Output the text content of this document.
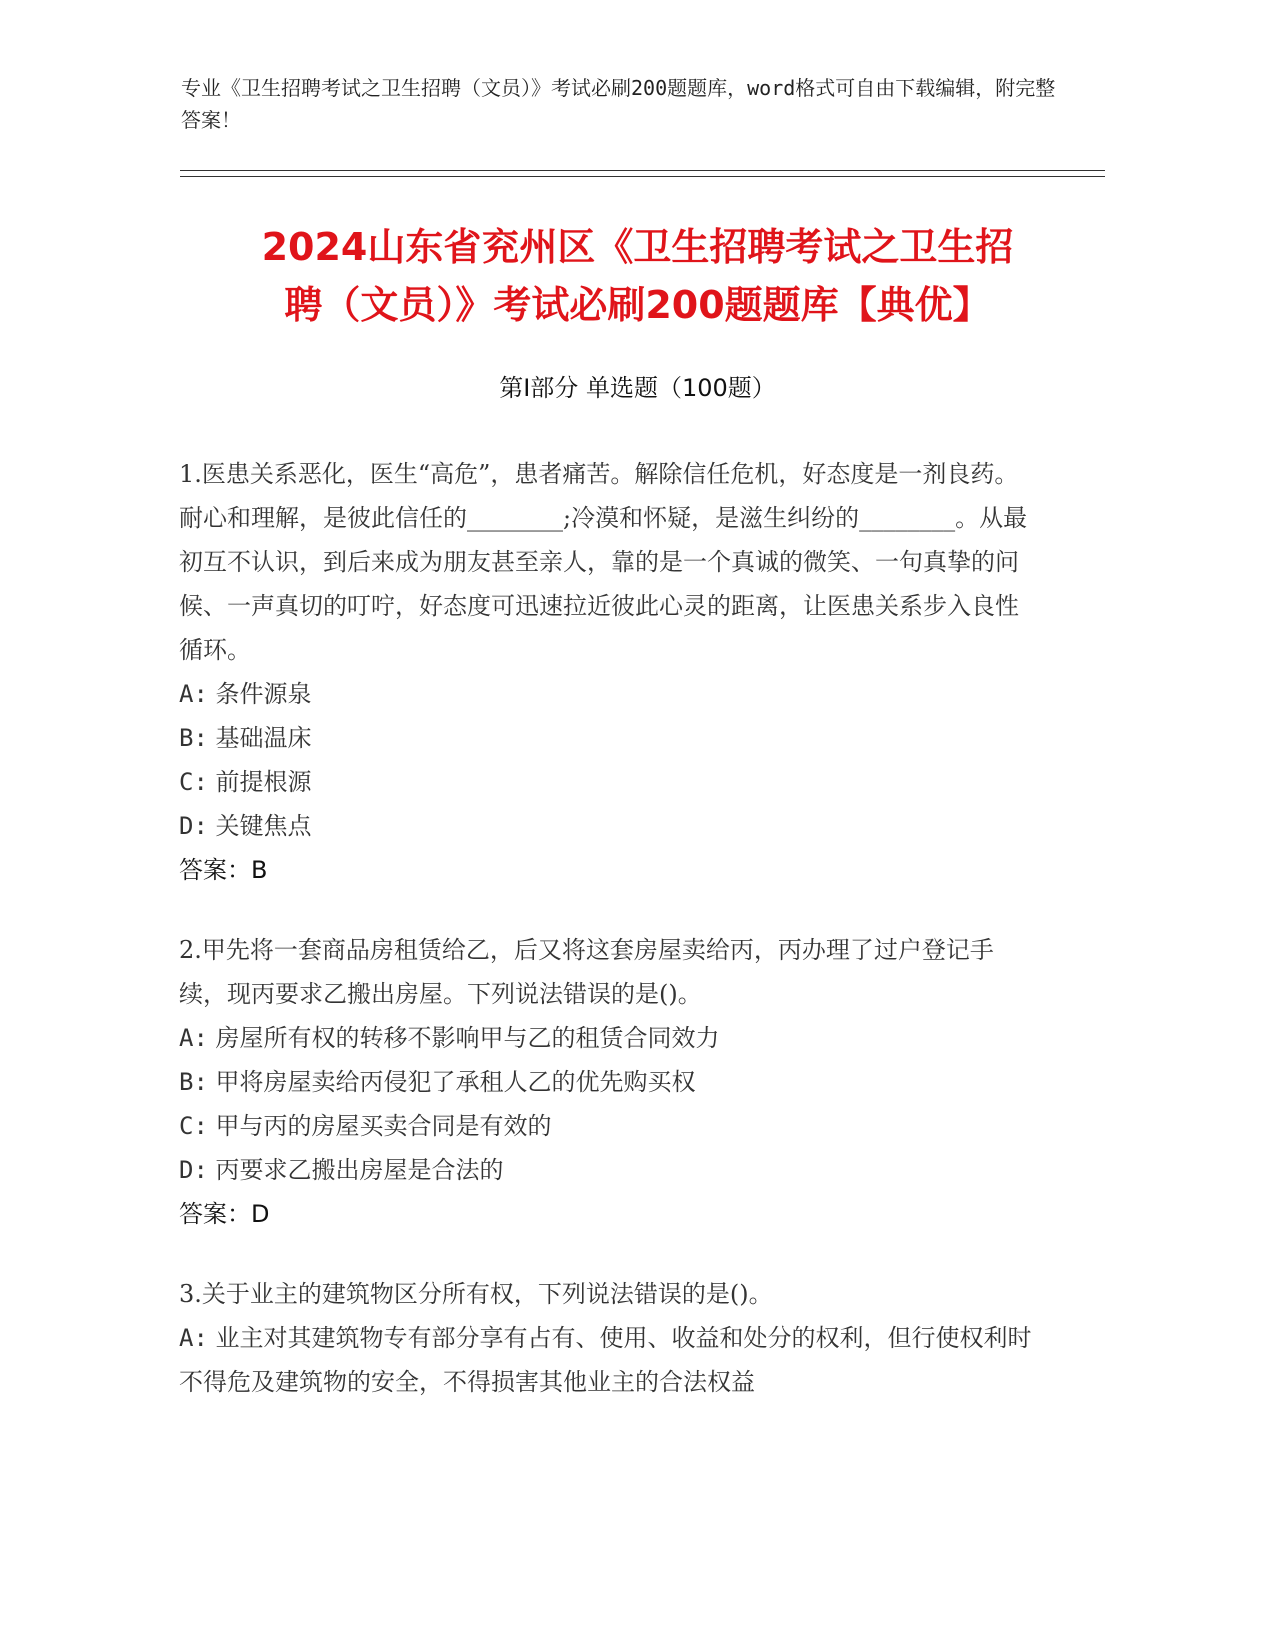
专业《卫生招聘考试之卫生招聘（文员）》考试必刷200题题库，word格式可自由下载编辑，附完整答案！
2024山东省兖州区《卫生招聘考试之卫生招
聘（文员）》考试必刷200题题库【典优】
第Ⅰ部分 单选题（100题）

1.医患关系恶化，医生“高危”，患者痛苦。解除信任危机，好态度是一剂良药。耐心和理解，是彼此信任的________;冷漠和怀疑，是滋生纠纷的________。从最初互不认识，到后来成为朋友甚至亲人，靠的是一个真诚的微笑、一句真挚的问候、一声真切的叮咛，好态度可迅速拉近彼此心灵的距离，让医患关系步入良性循环。

A: 条件源泉

B: 基础温床

C: 前提根源

D: 关键焦点

答案：B

2.甲先将一套商品房租赁给乙，后又将这套房屋卖给丙，丙办理了过户登记手续，现丙要求乙搬出房屋。下列说法错误的是()。

A: 房屋所有权的转移不影响甲与乙的租赁合同效力

B: 甲将房屋卖给丙侵犯了承租人乙的优先购买权

C: 甲与丙的房屋买卖合同是有效的

D: 丙要求乙搬出房屋是合法的

答案：D

3.关于业主的建筑物区分所有权，下列说法错误的是()。

A: 业主对其建筑物专有部分享有占有、使用、收益和处分的权利，但行使权利时不得危及建筑物的安全，不得损害其他业主的合法权益
